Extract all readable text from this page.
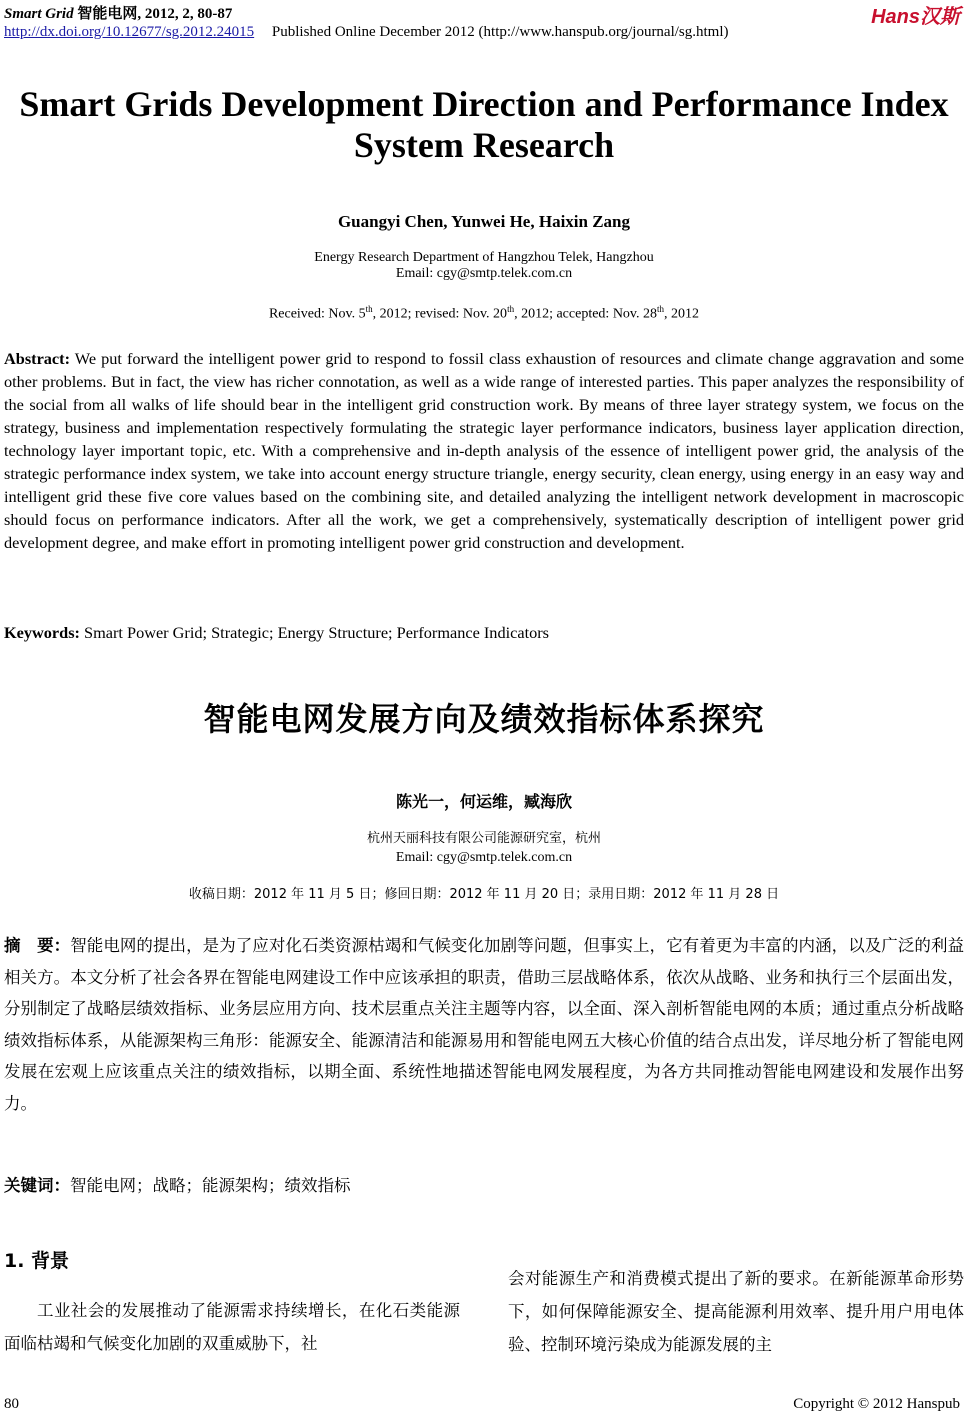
Smart Grid 智能电网, 2012, 2, 80-87	Hans汉斯
http://dx.doi.org/10.12677/sg.2012.24015 Published Online December 2012 (http://www.hanspub.org/journal/sg.html)
Smart Grids Development Direction and Performance Index System Research
Guangyi Chen, Yunwei He, Haixin Zang
Energy Research Department of Hangzhou Telek, Hangzhou
Email: cgy@smtp.telek.com.cn
Received: Nov. 5th, 2012; revised: Nov. 20th, 2012; accepted: Nov. 28th, 2012
Abstract: We put forward the intelligent power grid to respond to fossil class exhaustion of resources and climate change aggravation and some other problems. But in fact, the view has richer connotation, as well as a wide range of interested parties. This paper analyzes the responsibility of the social from all walks of life should bear in the intelligent grid construction work. By means of three layer strategy system, we focus on the strategy, business and implementation respectively formulating the strategic layer performance indicators, business layer application direction, technology layer important topic, etc. With a comprehensive and in-depth analysis of the essence of intelligent power grid, the analysis of the strategic performance index system, we take into account energy structure triangle, energy security, clean energy, using energy in an easy way and intelligent grid these five core values based on the combining site, and detailed analyzing the intelligent network development in macroscopic should focus on performance indicators. After all the work, we get a comprehensively, systematically description of intelligent power grid development degree, and make effort in promoting intelligent power grid construction and development.
Keywords: Smart Power Grid; Strategic; Energy Structure; Performance Indicators
智能电网发展方向及绩效指标体系探究
陈光一，何运维，臧海欣
杭州天丽科技有限公司能源研究室，杭州
Email: cgy@smtp.telek.com.cn
收稿日期：2012 年 11 月 5 日；修回日期：2012 年 11 月 20 日；录用日期：2012 年 11 月 28 日
摘　要：智能电网的提出，是为了应对化石类资源枯竭和气候变化加剧等问题，但事实上，它有着更为丰富的内涵，以及广泛的利益相关方。本文分析了社会各界在智能电网建设工作中应该承担的职责，借助三层战略体系，依次从战略、业务和执行三个层面出发，分别制定了战略层绩效指标、业务层应用方向、技术层重点关注主题等内容，以全面、深入剖析智能电网的本质；通过重点分析战略绩效指标体系，从能源架构三角形：能源安全、能源清洁和能源易用和智能电网五大核心价值的结合点出发，详尽地分析了智能电网发展在宏观上应该重点关注的绩效指标，以期全面、系统性地描述智能电网发展程度，为各方共同推动智能电网建设和发展作出努力。
关键词：智能电网；战略；能源架构；绩效指标
1. 背景
工业社会的发展推动了能源需求持续增长，在化石类能源面临枯竭和气候变化加剧的双重威胁下，社
会对能源生产和消费模式提出了新的要求。在新能源革命形势下，如何保障能源安全、提高能源利用效率、提升用户用电体验、控制环境污染成为能源发展的主
80	Copyright © 2012 Hanspub
